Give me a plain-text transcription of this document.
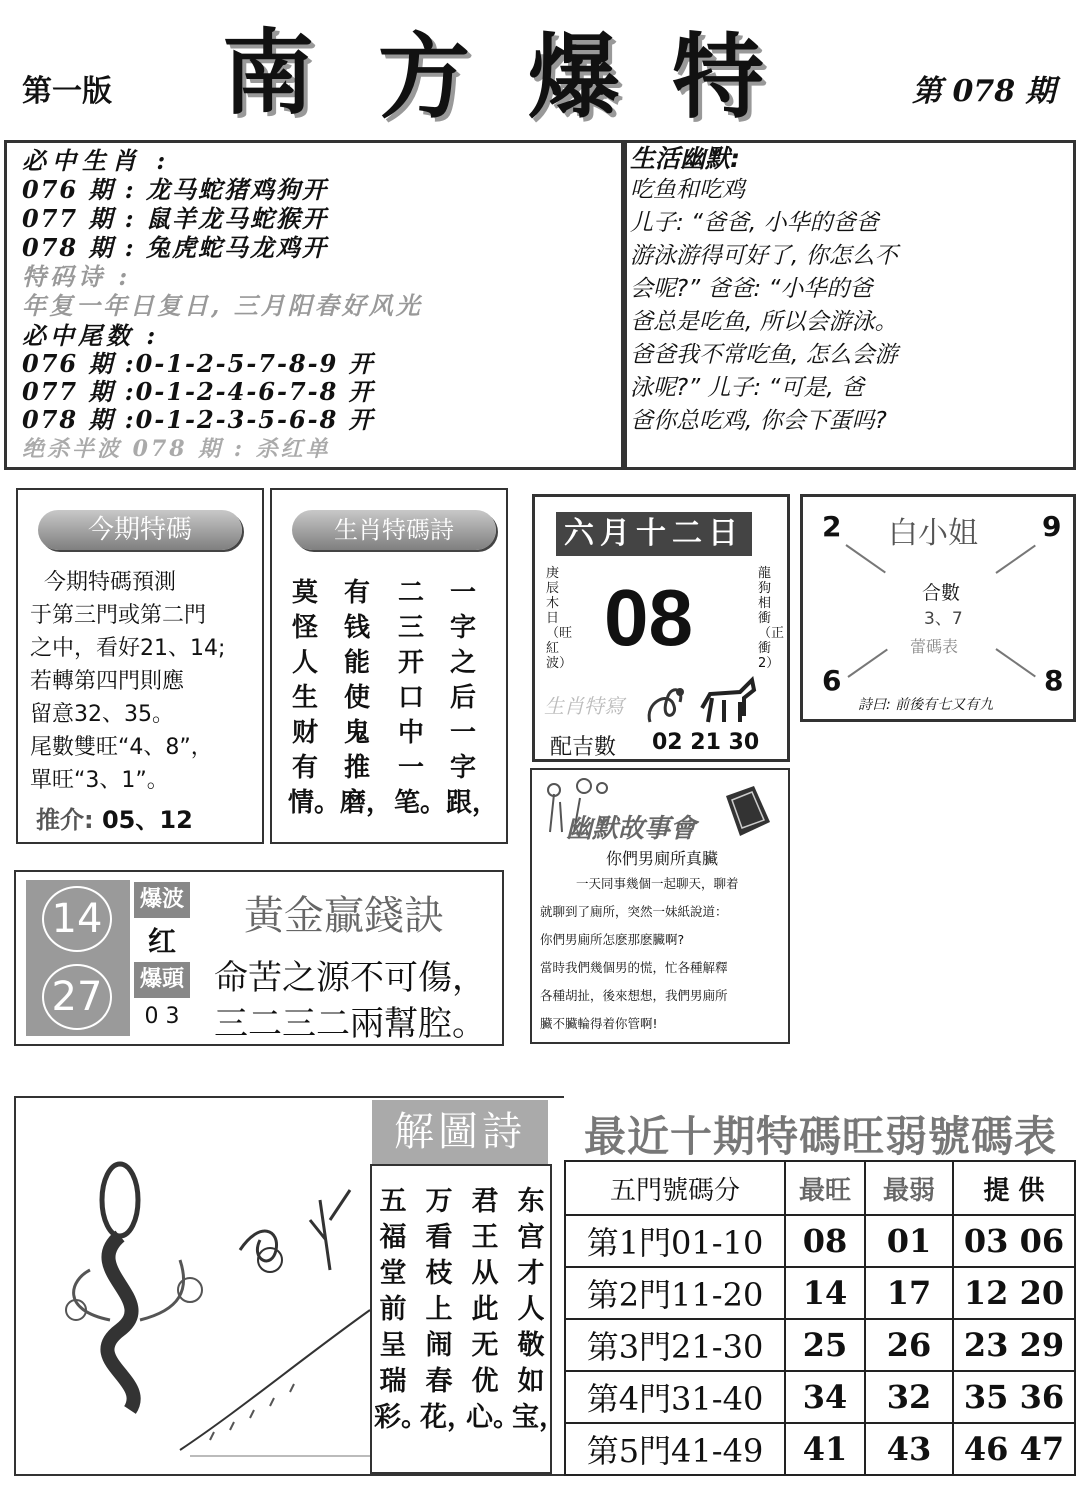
第一版 南 方 爆 特	第 078 期
必中生肖 :
076 期 : 龙马蛇猪鸡狗开
077 期 : 鼠羊龙马蛇猴开
078 期 : 兔虎蛇马龙鸡开
特码诗 :
年复一年日复日, 三月阳春好风光
必中尾数 :
076 期 :0-1-2-5-7-8-9 开
077 期 :0-1-2-4-6-7-8 开
078 期 :0-1-2-3-5-6-8 开
绝杀半波 078 期 : 杀红单
生活幽默:
吃鱼和吃鸡
儿子: “爸爸, 小华的爸爸
游泳游得可好了, 你怎么不
会呢?” 爸爸: “小华的爸
爸总是吃鱼, 所以会游泳。
爸爸我不常吃鱼, 怎么会游
泳呢?” 儿子: “可是, 爸
爸你总吃鸡, 你会下蛋吗?
今期特碼
今期特碼預測
于第三門或第二門
之中，看好21、14;
若轉第四門則應
留意32、35。
尾數雙旺“4、8”，
單旺“3、1”。
推介: 05、12
生肖特碼詩
一字之后一字跟，
二三开口中一笔。
有钱能使鬼推磨，
莫怪人生财有情。
六月十二日
庚辰木日（旺紅波）
龍狗相衝（正衝2）
08
生肖特寫
配吉數 02 21 30
白小姐
2	9
6	8
合數
3、7
蕾碼表
詩曰: 前後有七又有九
幽默故事會
你們男廁所真臟
一天同事幾個一起聊天，聊着
就聊到了廁所，突然一妹紙說道：
你們男廁所怎麽那麽臟啊?
當時我們幾個男的慌，忙各種解釋
各種胡扯，後來想想，我們男廁所
臟不臟輪得着你管啊!
14
27
爆波
红
爆頭
0 3
黃金贏錢訣
命苦之源不可傷，
三二三二兩幫腔。
解圖詩
东宫才人敬如宝，
君王从此无优心。
万看枝上闹春花，
五福堂前呈瑞彩。
最近十期特碼旺弱號碼表
五門號碼分	最旺	最弱	提 供
第1門01-10	08	01	03 06
第2門11-20	14	17	12 20
第3門21-30	25	26	23 29
第4門31-40	34	32	35 36
第5門41-49	41	43	46 47
